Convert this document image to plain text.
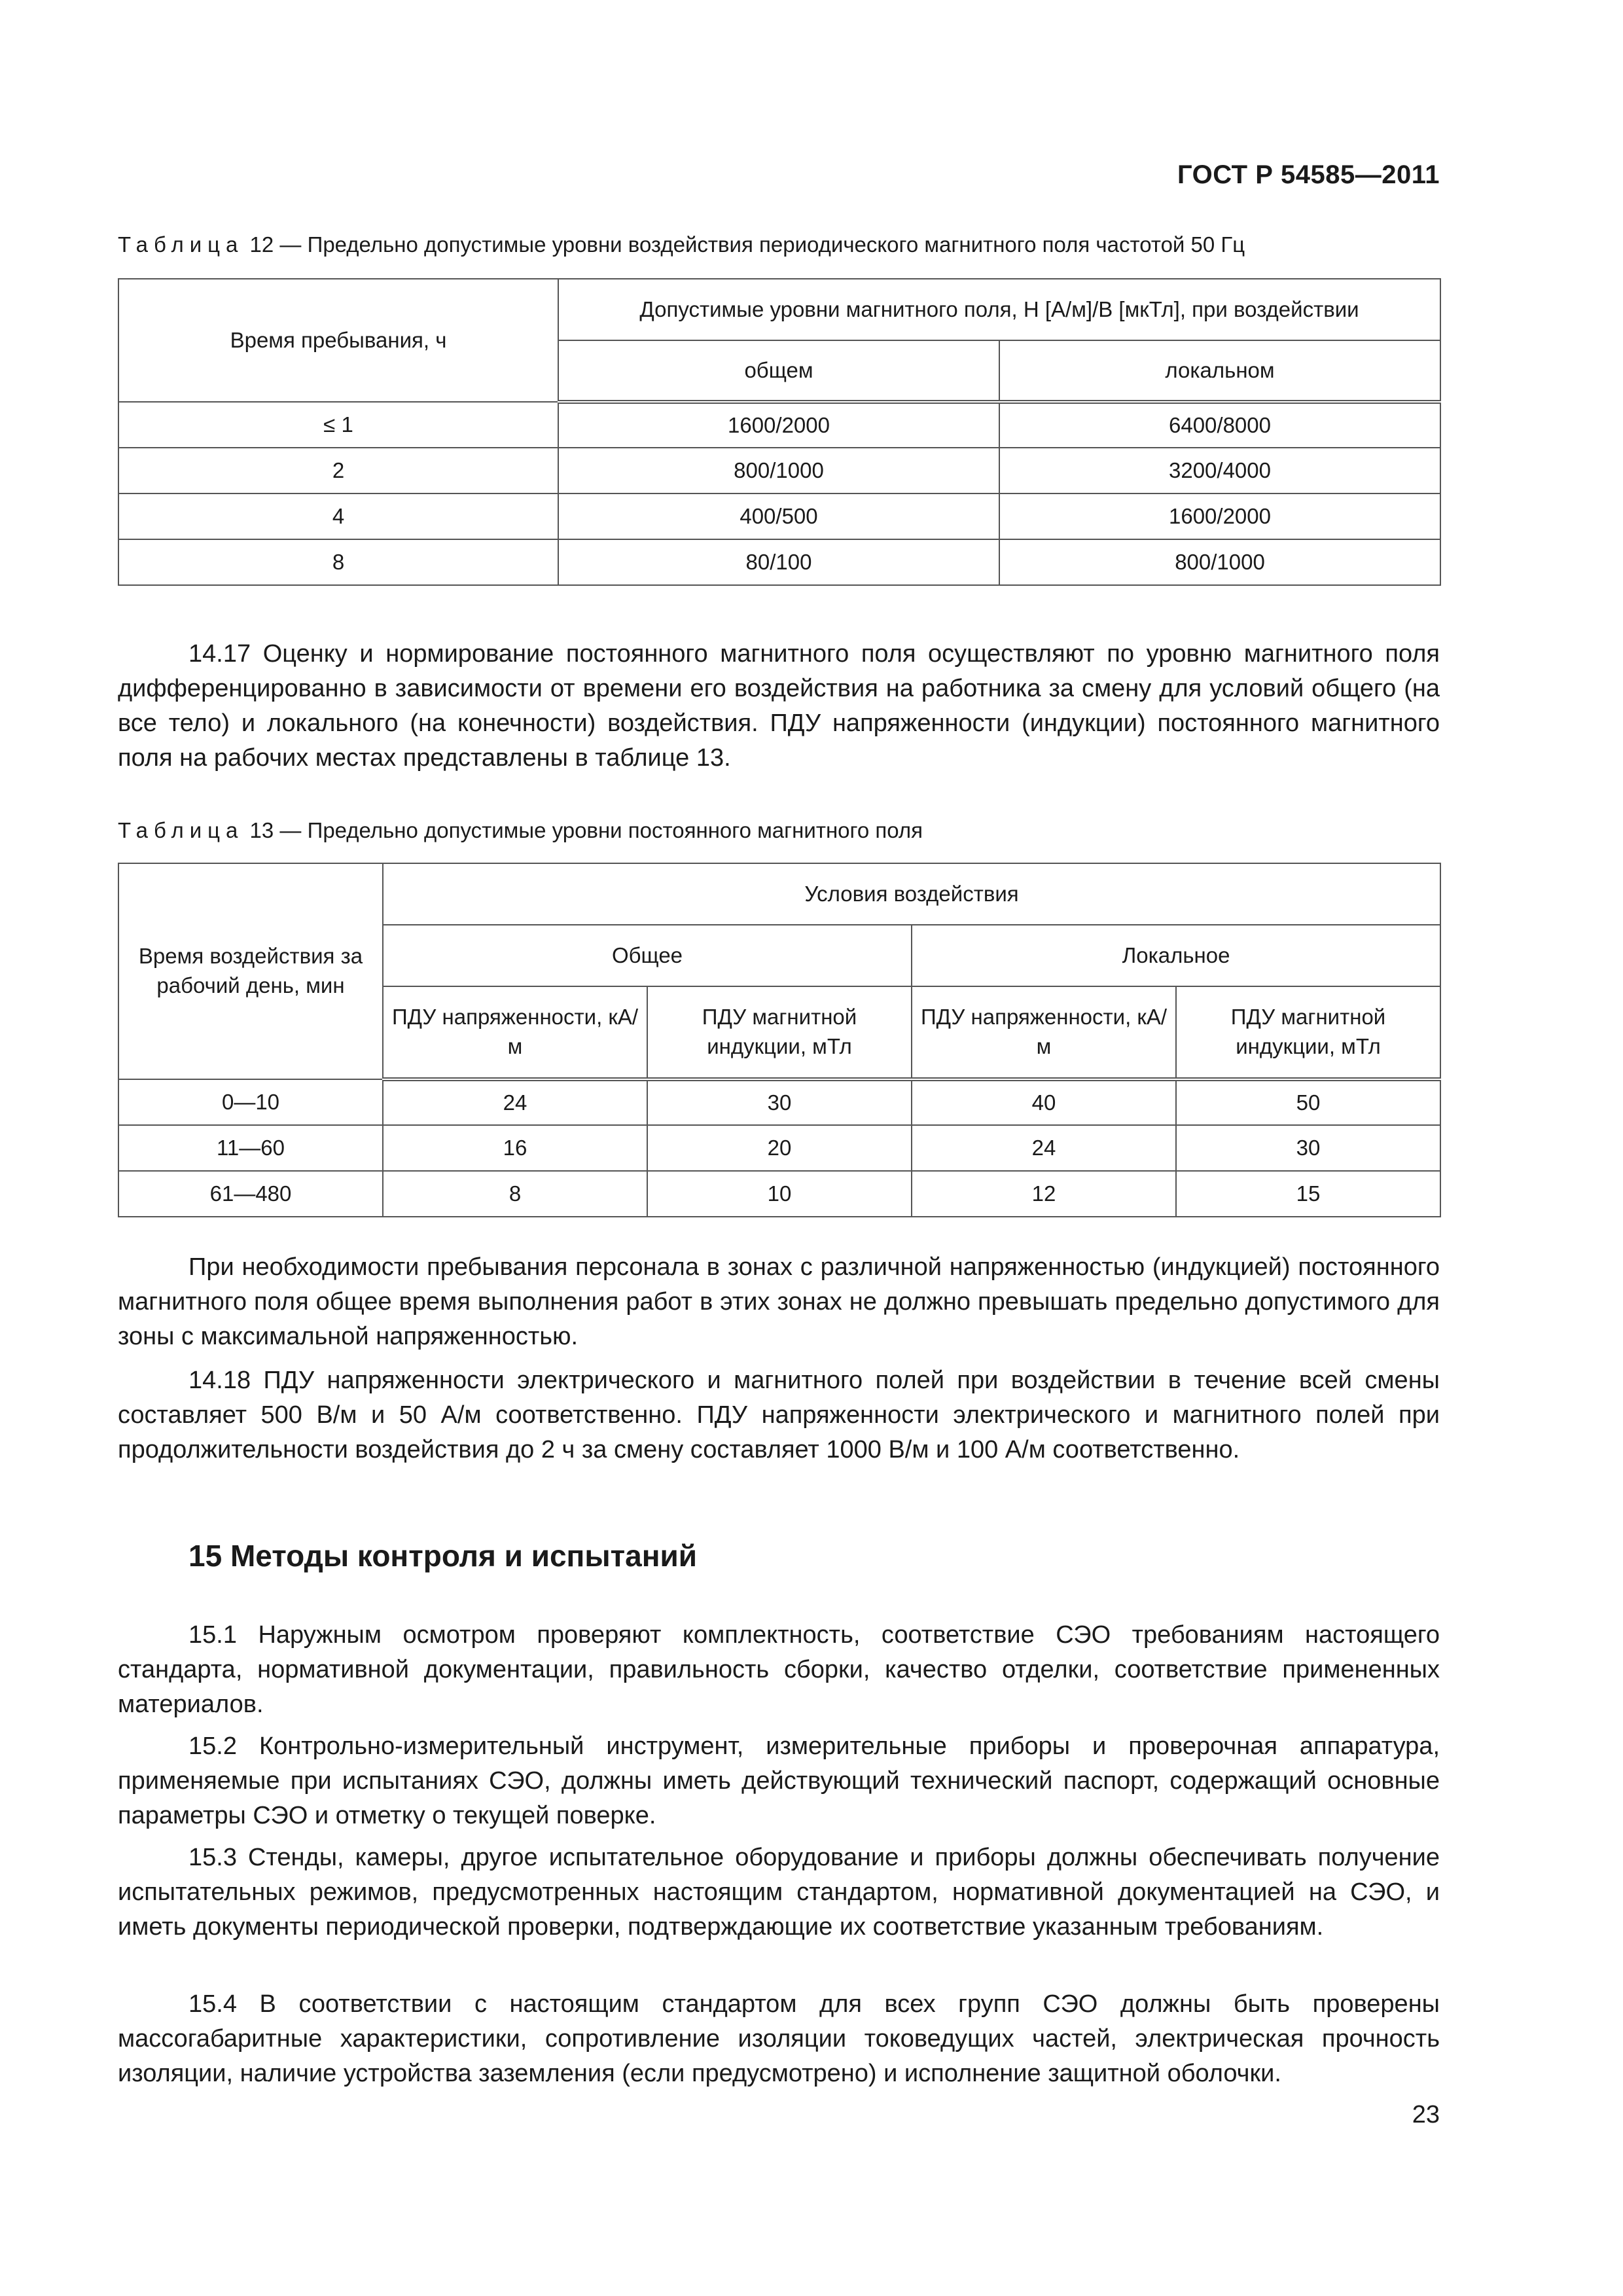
ГОСТ Р 54585—2011
Таблица 12 — Предельно допустимые уровни воздействия периодического магнитного поля частотой 50 Гц
Время пребывания, ч	Допустимые уровни магнитного поля, H [А/м]/B [мкТл], при воздействии	
	общем	локальном
≤ 1	1600/2000	6400/8000
2	800/1000	3200/4000
4	400/500	1600/2000
8	80/100	800/1000

14.17 Оценку и нормирование постоянного магнитного поля осуществляют по уровню магнитного поля дифференцированно в зависимости от времени его воздействия на работника за смену для условий общего (на все тело) и локального (на конечности) воздействия. ПДУ напряженности (индукции) постоянного магнитного поля на рабочих местах представлены в таблице 13.

Таблица 13 — Предельно допустимые уровни постоянного магнитного поля
Время воздействия за рабочий день, мин	Условия воздействия			
	Общее		Локальное	
	ПДУ напряженности, кА/м	ПДУ магнитной индукции, мТл	ПДУ напряженности, кА/м	ПДУ магнитной индукции, мТл
0—10	24	30	40	50
11—60	16	20	24	30
61—480	8	10	12	15

При необходимости пребывания персонала в зонах с различной напряженностью (индукцией) постоянного магнитного поля общее время выполнения работ в этих зонах не должно превышать предельно допустимого для зоны с максимальной напряженностью.

14.18 ПДУ напряженности электрического и магнитного полей при воздействии в течение всей смены составляет 500 В/м и 50 А/м соответственно. ПДУ напряженности электрического и магнитного полей при продолжительности воздействия до 2 ч за смену составляет 1000 В/м и 100 А/м соответственно.

15 Методы контроля и испытаний

15.1 Наружным осмотром проверяют комплектность, соответствие СЭО требованиям настоящего стандарта, нормативной документации, правильность сборки, качество отделки, соответствие примененных материалов.

15.2 Контрольно-измерительный инструмент, измерительные приборы и проверочная аппаратура, применяемые при испытаниях СЭО, должны иметь действующий технический паспорт, содержащий основные параметры СЭО и отметку о текущей поверке.

15.3 Стенды, камеры, другое испытательное оборудование и приборы должны обеспечивать получение испытательных режимов, предусмотренных настоящим стандартом, нормативной документацией на СЭО, и иметь документы периодической проверки, подтверждающие их соответствие указанным требованиям.

15.4 В соответствии с настоящим стандартом для всех групп СЭО должны быть проверены массогабаритные характеристики, сопротивление изоляции токоведущих частей, электрическая прочность изоляции, наличие устройства заземления (если предусмотрено) и исполнение защитной оболочки.

23
